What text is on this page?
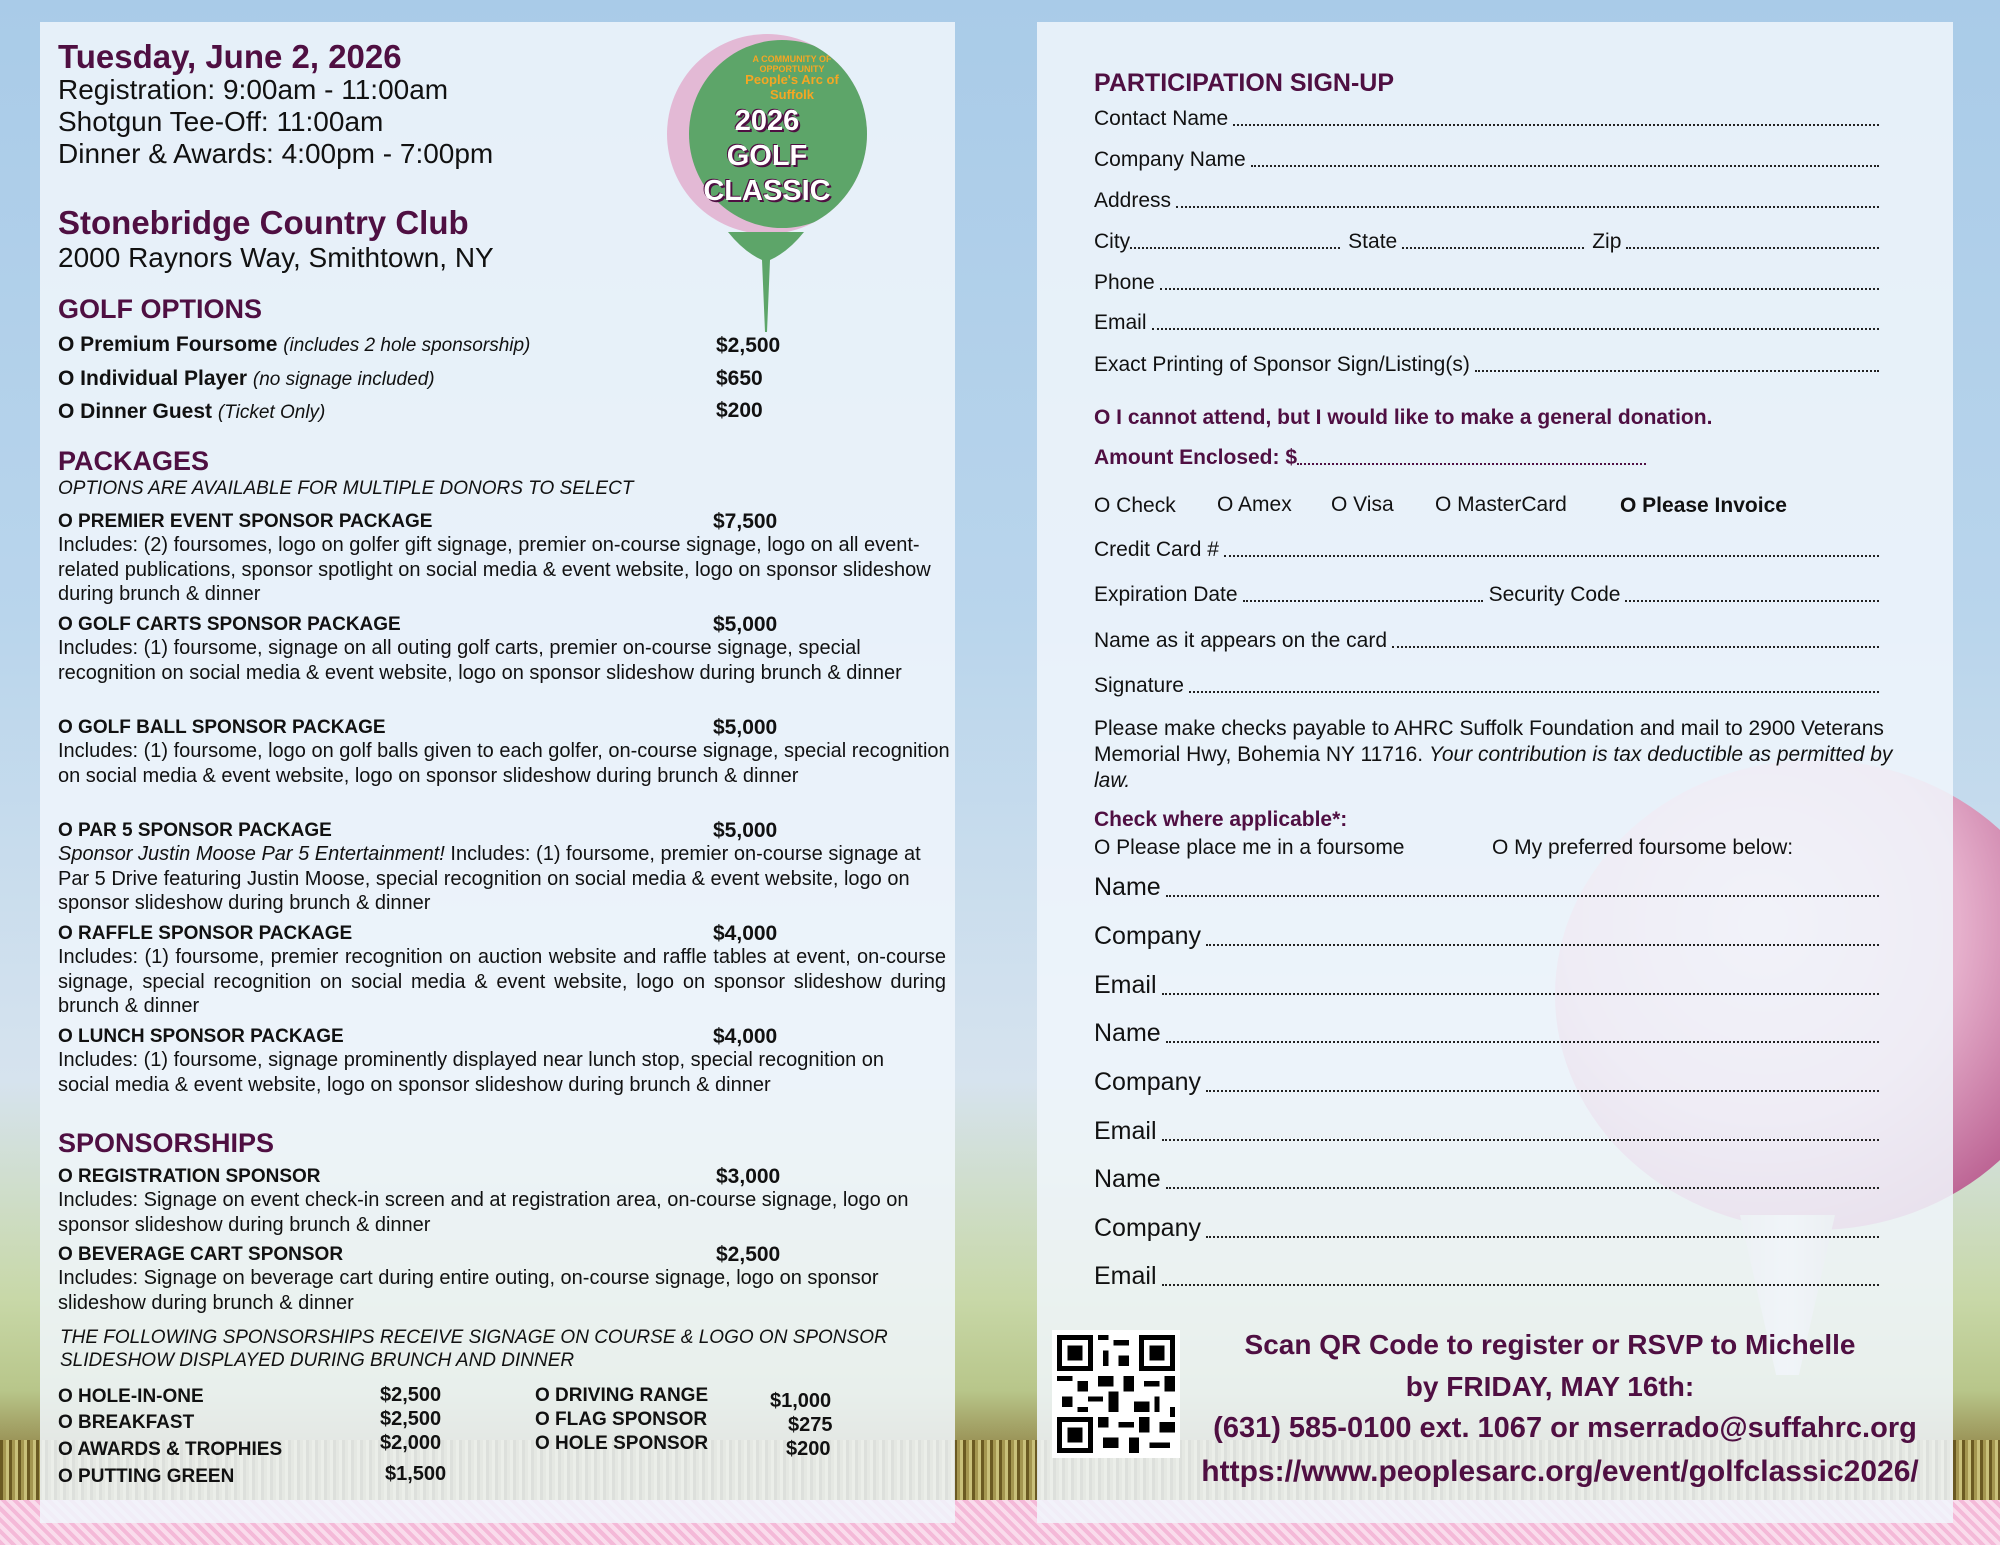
Tuesday, June 2, 2026
Registration: 9:00am - 11:00am
Shotgun Tee-Off: 11:00am
Dinner & Awards: 4:00pm - 7:00pm
Stonebridge Country Club
2000 Raynors Way, Smithtown, NY
A COMMUNITY OF OPPORTUNITY
People's Arc of Suffolk
2026
GOLF
CLASSIC
GOLF OPTIONS
O Premium Foursome (includes 2 hole sponsorship)	$2,500
O Individual Player (no signage included)	$650
O Dinner Guest (Ticket Only)	$200
PACKAGES
OPTIONS ARE AVAILABLE FOR MULTIPLE DONORS TO SELECT
O PREMIER EVENT SPONSOR PACKAGE	$7,500
Includes: (2) foursomes, logo on golfer gift signage, premier on-course signage, logo on all event-related publications, sponsor spotlight on social media & event website, logo on sponsor slideshow during brunch & dinner
O GOLF CARTS SPONSOR PACKAGE	$5,000
Includes: (1) foursome, signage on all outing golf carts, premier on-course signage, special recognition on social media & event website, logo on sponsor slideshow during brunch & dinner
O GOLF BALL SPONSOR PACKAGE	$5,000
Includes: (1) foursome, logo on golf balls given to each golfer, on-course signage, special recognition on social media & event website, logo on sponsor slideshow during brunch & dinner
O PAR 5 SPONSOR PACKAGE	$5,000
Sponsor Justin Moose Par 5 Entertainment! Includes: (1) foursome, premier on-course signage at Par 5 Drive featuring Justin Moose, special recognition on social media & event website, logo on sponsor slideshow during brunch & dinner
O RAFFLE SPONSOR PACKAGE	$4,000
Includes: (1) foursome, premier recognition on auction website and raffle tables at event, on-course signage, special recognition on social media & event website, logo on sponsor slideshow during brunch & dinner
O LUNCH SPONSOR PACKAGE	$4,000
Includes: (1) foursome, signage prominently displayed near lunch stop, special recognition on social media & event website, logo on sponsor slideshow during brunch & dinner
SPONSORSHIPS
O REGISTRATION SPONSOR	$3,000
Includes: Signage on event check-in screen and at registration area, on-course signage, logo on sponsor slideshow during brunch & dinner
O BEVERAGE CART SPONSOR	$2,500
Includes: Signage on beverage cart during entire outing, on-course signage, logo on sponsor slideshow during brunch & dinner
THE FOLLOWING SPONSORSHIPS RECEIVE SIGNAGE ON COURSE & LOGO ON SPONSOR SLIDESHOW DISPLAYED DURING BRUNCH AND DINNER
O HOLE-IN-ONE	$2,500
O BREAKFAST	$2,500
O AWARDS & TROPHIES	$2,000
O PUTTING GREEN	$1,500
O DRIVING RANGE	$1,000
O FLAG SPONSOR	$275
O HOLE SPONSOR	$200
PARTICIPATION SIGN-UP
Contact Name
Company Name
Address
City	State	Zip
Phone
Email
Exact Printing of Sponsor Sign/Listing(s)
O I cannot attend, but I would like to make a general donation.
Amount Enclosed: $
O Check O Amex O Visa O MasterCard	O Please Invoice
Credit Card #
Expiration Date	Security Code
Name as it appears on the card
Signature
Please make checks payable to AHRC Suffolk Foundation and mail to 2900 Veterans Memorial Hwy, Bohemia NY 11716. Your contribution is tax deductible as permitted by law.
Check where applicable*:
O Please place me in a foursome	O My preferred foursome below:
Name
Company
Email
Name
Company
Email
Name
Company
Email
Scan QR Code to register or RSVP to Michelle
by FRIDAY, MAY 16th:
(631) 585-0100 ext. 1067 or mserrado@suffahrc.org
https://www.peoplesarc.org/event/golfclassic2026/
